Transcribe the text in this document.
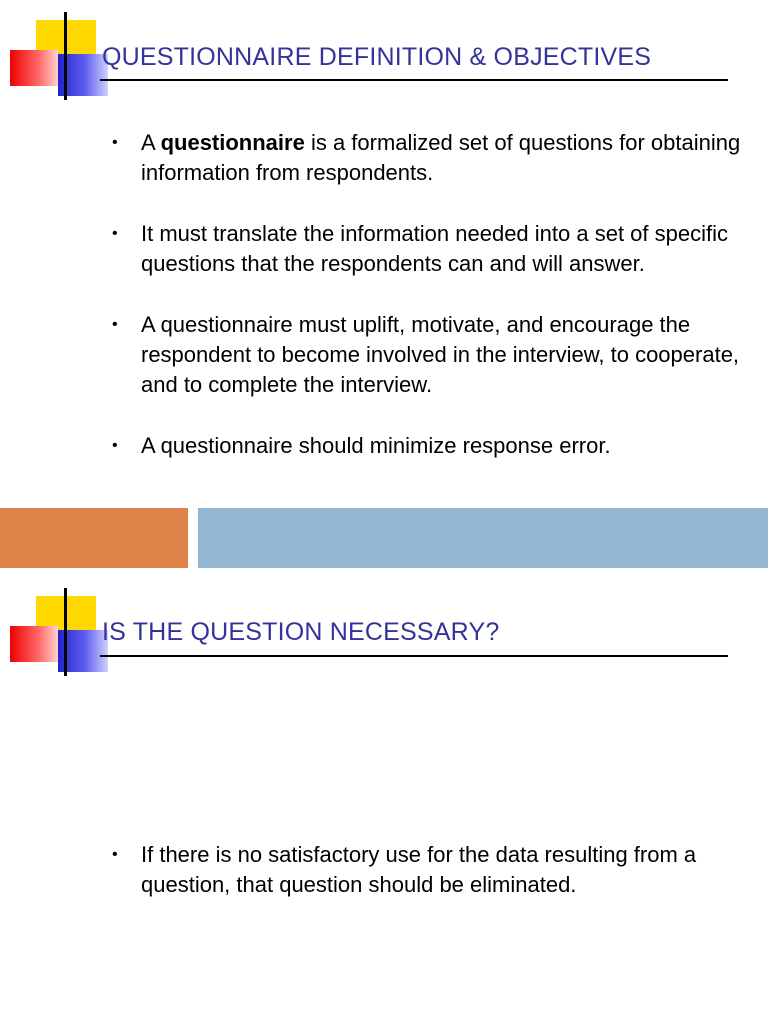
QUESTIONNAIRE DEFINITION & OBJECTIVES
• A questionnaire is a formalized set of questions for obtaining information from respondents.
• It must translate the information needed into a set of specific questions that the respondents can and will answer.
• A questionnaire must uplift, motivate, and encourage the respondent to become involved in the interview, to cooperate, and to complete the interview.
• A questionnaire should minimize response error.
IS THE QUESTION NECESSARY?
• If there is no satisfactory use for the data resulting from a question, that question should be eliminated.
